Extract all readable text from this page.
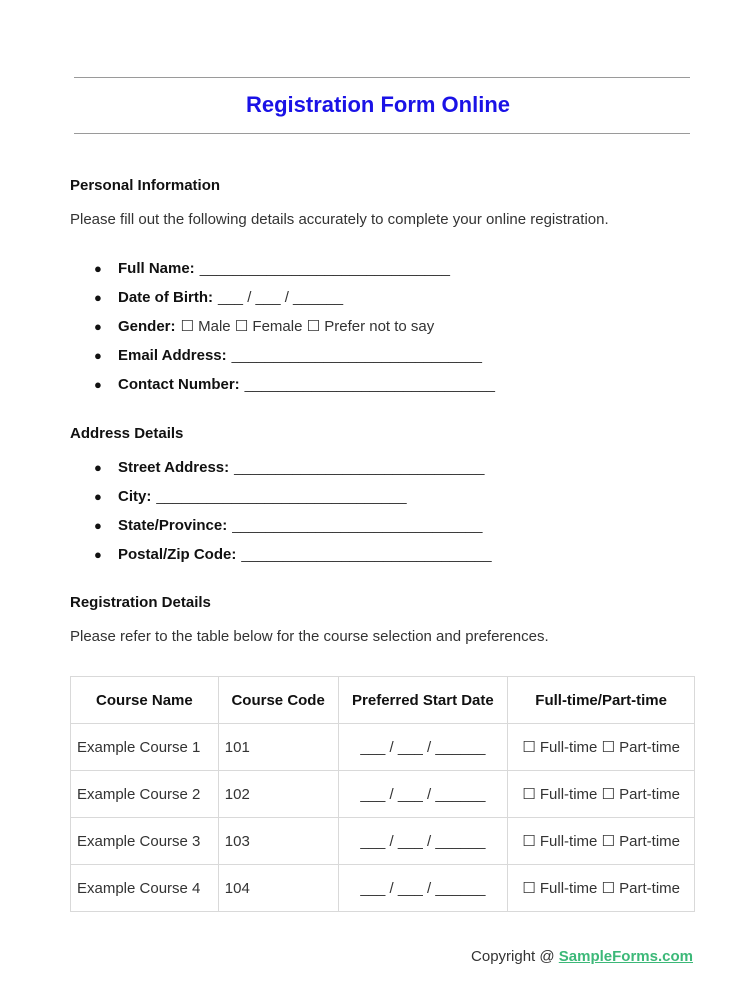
Registration Form Online
Personal Information
Please fill out the following details accurately to complete your online registration.
●	Full Name: ______________________________
●	Date of Birth: ___ / ___ / ______
●	Gender: ☐ Male ☐ Female ☐ Prefer not to say
●	Email Address: ______________________________
●	Contact Number: ______________________________
Address Details
●	Street Address: ______________________________
●	City: ______________________________
●	State/Province: ______________________________
●	Postal/Zip Code: ______________________________
Registration Details
Please refer to the table below for the course selection and preferences.
Course Name	Course Code	Preferred Start Date	Full-time/Part-time
Example Course 1	101	___ / ___ / ______	☐ Full-time ☐ Part-time
Example Course 2	102	___ / ___ / ______	☐ Full-time ☐ Part-time
Example Course 3	103	___ / ___ / ______	☐ Full-time ☐ Part-time
Example Course 4	104	___ / ___ / ______	☐ Full-time ☐ Part-time
Copyright @ SampleForms.com
